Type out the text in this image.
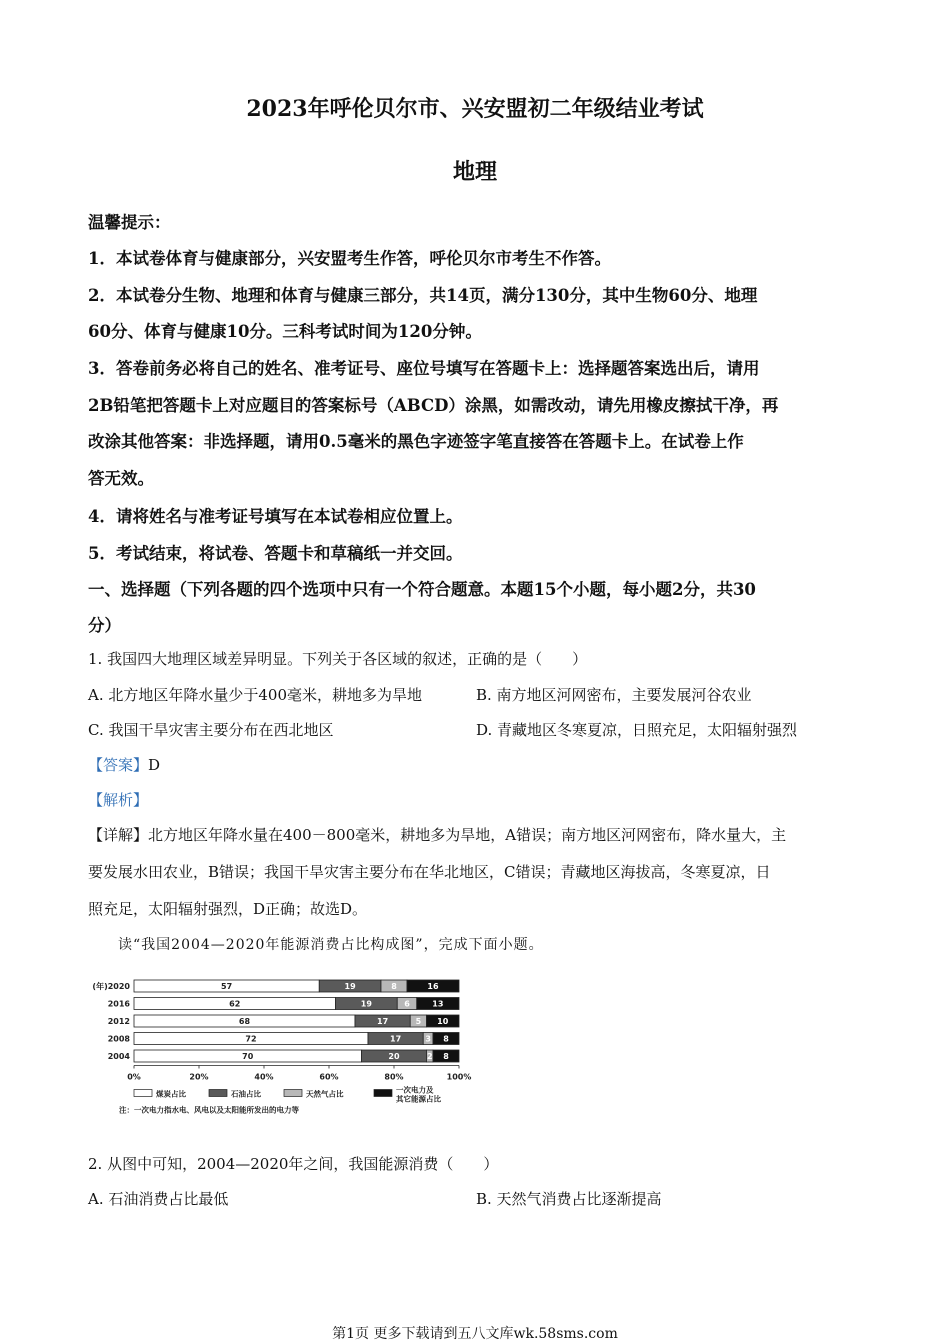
2023年呼伦贝尔市、兴安盟初二年级结业考试
地理
温馨提示：
1．本试卷体育与健康部分，兴安盟考生作答，呼伦贝尔市考生不作答。
2．本试卷分生物、地理和体育与健康三部分，共14页，满分130分，其中生物60分、地理
60分、体育与健康10分。三科考试时间为120分钟。
3．答卷前务必将自己的姓名、准考证号、座位号填写在答题卡上：选择题答案选出后，请用
2B铅笔把答题卡上对应题目的答案标号（ABCD）涂黑，如需改动，请先用橡皮擦拭干净，再
改涂其他答案：非选择题，请用0.5毫米的黑色字迹签字笔直接答在答题卡上。在试卷上作
答无效。
4．请将姓名与准考证号填写在本试卷相应位置上。
5．考试结束，将试卷、答题卡和草稿纸一并交回。
一、选择题（下列各题的四个选项中只有一个符合题意。本题15个小题，每小题2分，共30
分）
1. 我国四大地理区域差异明显。下列关于各区域的叙述，正确的是（　　）
A. 北方地区年降水量少于400毫米，耕地多为旱地	B. 南方地区河网密布，主要发展河谷农业
C. 我国干旱灾害主要分布在西北地区	D. 青藏地区冬寒夏凉，日照充足，太阳辐射强烈
【答案】D
【解析】
【详解】北方地区年降水量在400－800毫米，耕地多为旱地，A错误；南方地区河网密布，降水量大，主
要发展水田农业，B错误；我国干旱灾害主要分布在华北地区，C错误；青藏地区海拔高，冬寒夏凉，日
照充足，太阳辐射强烈，D正确；故选D。
读“我国2004—2020年能源消费占比构成图”，完成下面小题。
(年)2020	57	19	8	16
2016	62	19	6	13
2012	68	17	5 10
2008	72	17	3 8
2004	70	20	2 8
0%	20%	40%	60%	80%	100%
煤炭占比	石油占比	天然气占比	一次电力及
其它能源占比
注：一次电力指水电、风电以及太阳能所发出的电力等
2. 从图中可知，2004—2020年之间，我国能源消费（　　）
A. 石油消费占比最低	B. 天然气消费占比逐渐提高
第1页 更多下载请到五八文库wk.58sms.com
